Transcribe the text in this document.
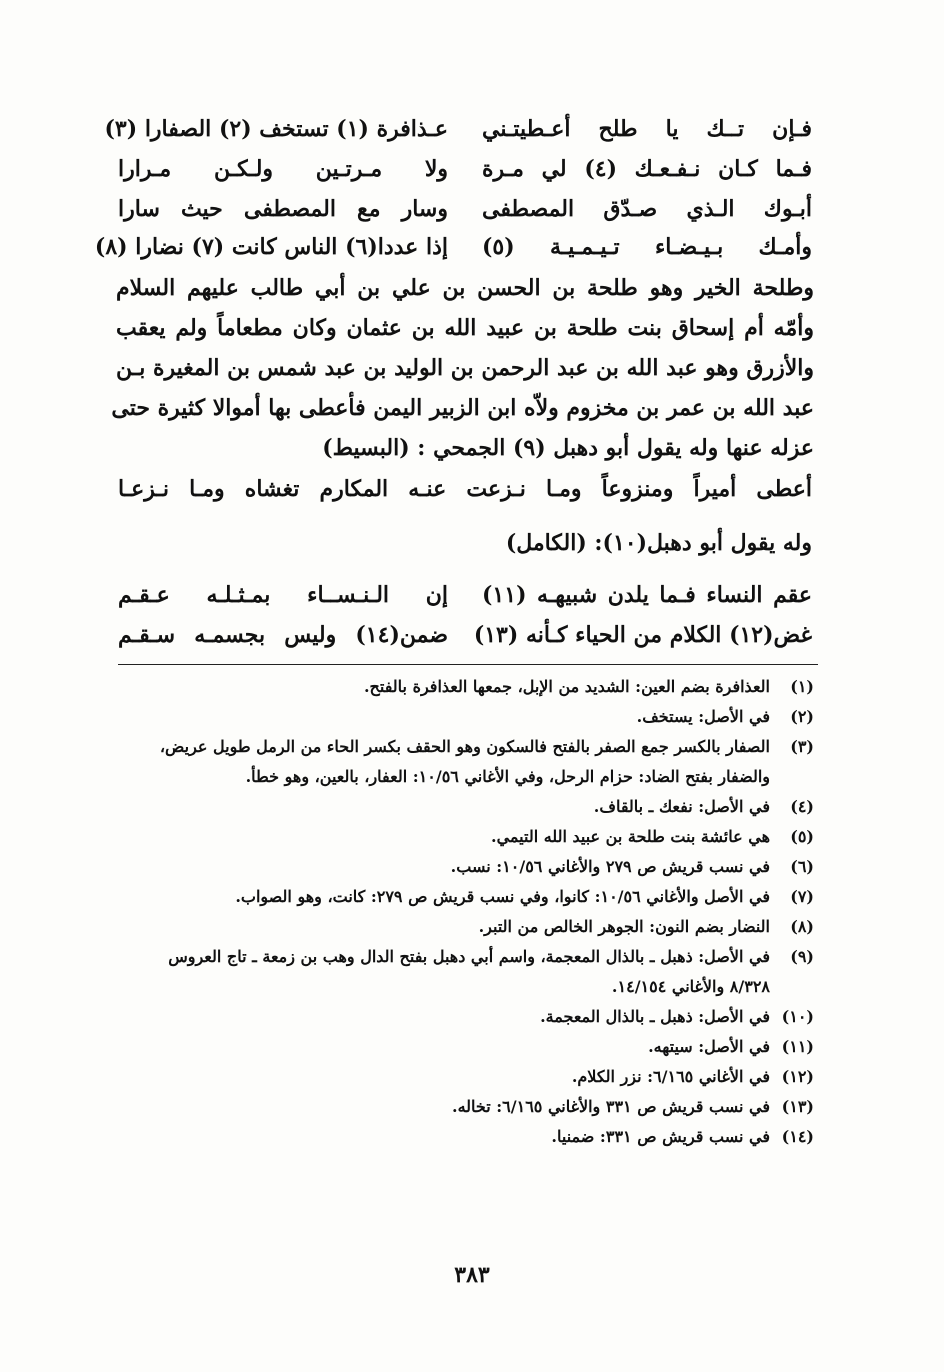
فـإن تــك يا طلح أعـطيتـني
عـذافرة (١) تستخف (٢) الصفارا (٣)
فـما كـان نـفـعـك (٤) لي مـرة
ولا مـرتـين ولـكـن مـرارا
أبـوك الـذي صـدّق المصطفى
وسار مع المصطفى حيث سارا
وأمـك بـيـضـاء تـيـمـيـة (٥)
إذا عددا(٦) الناس كانت (٧) نضارا (٨)
وطلحة الخير وهو طلحة بن الحسن بن علي بن أبي طالب عليهم السلام
وأمّه أم إسحاق بنت طلحة بن عبيد الله بن عثمان وكان مطعاماً ولم يعقب
والأزرق وهو عبد الله بن عبد الرحمن بن الوليد بن عبد شمس بن المغيرة بـن
عبد الله بن عمر بن مخزوم ولاّه ابن الزبير اليمن فأعطى بها أموالا كثيرة حتى
عزله عنها وله يقول أبو دهبل (٩) الجمحي : (البسيط)
أعطى أميراً ومنزوعاً ومـا نـزعت عنـه المكارم تغشاه ومـا نـزعـا
وله يقول أبو دهبل(١٠): (الكامل)
عقم النساء فـما يلدن شبيهـه (١١)
إن الـنـســاء بمـثـلـه عـقـم
غض(١٢) الكلام من الحياء كـأنه (١٣)
ضمن(١٤) وليس بجسمـه سـقـم
(١)
العذافرة بضم العين: الشديد من الإبل، جمعها العذافرة بالفتح.
(٢)
في الأصل: يستخف.
(٣)
الصفار بالكسر جمع الصفر بالفتح فالسكون وهو الحقف بكسر الحاء من الرمل طويل عريض،
والضفار بفتح الضاد: حزام الرحل، وفي الأغاني ١٠/٥٦: العفار، بالعين، وهو خطأ.
(٤)
في الأصل: نفعك ـ بالقاف.
(٥)
هي عائشة بنت طلحة بن عبيد الله التيمي.
(٦)
في نسب قريش ص ٢٧٩ والأغاني ١٠/٥٦: نسب.
(٧)
في الأصل والأغاني ١٠/٥٦: كانوا، وفي نسب قريش ص ٢٧٩: كانت، وهو الصواب.
(٨)
النضار بضم النون: الجوهر الخالص من التبر.
(٩)
في الأصل: ذهبل ـ بالذال المعجمة، واسم أبي دهبل بفتح الدال وهب بن زمعة ـ تاج العروس
٨/٣٢٨ والأغاني ١٤/١٥٤.
(١٠)
في الأصل: ذهبل ـ بالذال المعجمة.
(١١)
في الأصل: سيتهه.
(١٢)
في الأغاني ٦/١٦٥: نزر الكلام.
(١٣)
في نسب قريش ص ٣٣١ والأغاني ٦/١٦٥: تخاله.
(١٤)
في نسب قريش ص ٣٣١: ضمنيا.
٣٨٣
